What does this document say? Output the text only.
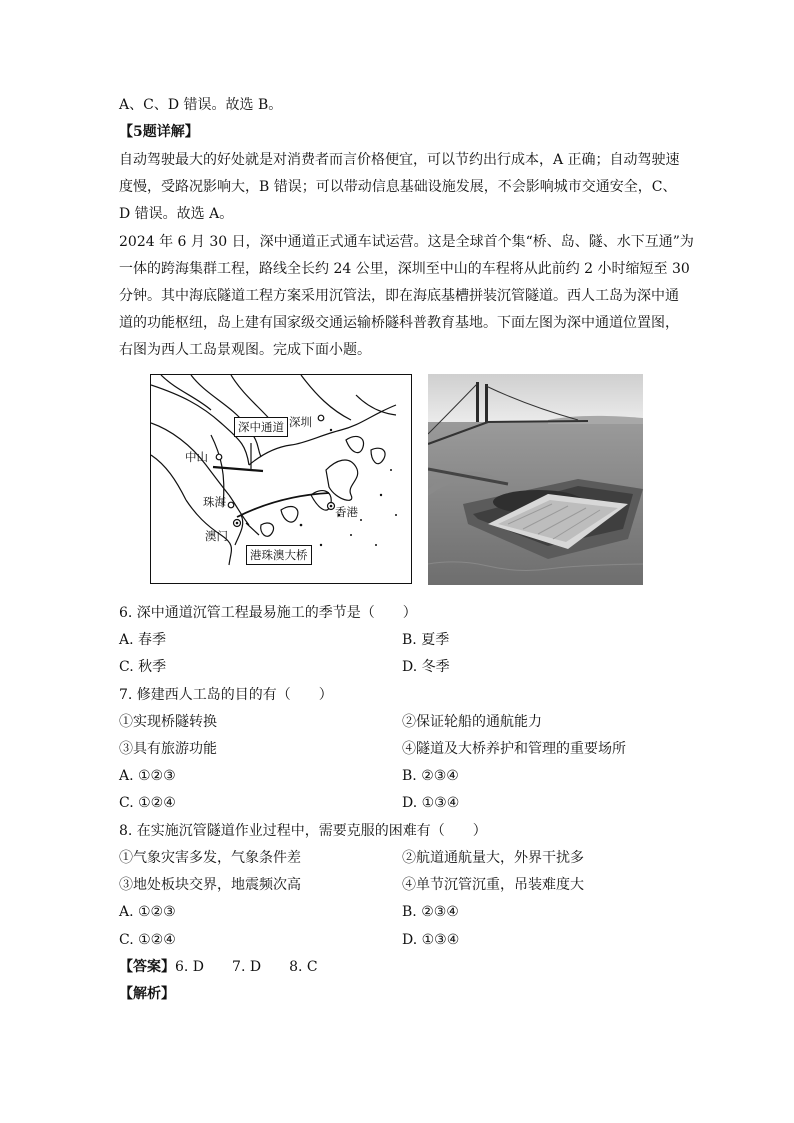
A、C、D 错误。故选 B。
【5题详解】
自动驾驶最大的好处就是对消费者而言价格便宜，可以节约出行成本，A 正确；自动驾驶速
度慢，受路况影响大，B 错误；可以带动信息基础设施发展，不会影响城市交通安全，C、
D 错误。故选 A。
2024 年 6 月 30 日，深中通道正式通车试运营。这是全球首个集“桥、岛、隧、水下互通”为
一体的跨海集群工程，路线全长约 24 公里，深圳至中山的车程将从此前约 2 小时缩短至 30
分钟。其中海底隧道工程方案采用沉管法，即在海底基槽拼装沉管隧道。西人工岛为深中通
道的功能枢纽，岛上建有国家级交通运输桥隧科普教育基地。下面左图为深中通道位置图，
右图为西人工岛景观图。完成下面小题。
深中通道 深圳
中山
珠海
澳门
香港
港珠澳大桥
6. 深中通道沉管工程最易施工的季节是（　　）
A. 春季	B. 夏季
C. 秋季	D. 冬季
7. 修建西人工岛的目的有（　　）
①实现桥隧转换	②保证轮船的通航能力
③具有旅游功能	④隧道及大桥养护和管理的重要场所
A. ①②③	B. ②③④
C. ①②④	D. ①③④
8. 在实施沉管隧道作业过程中，需要克服的困难有（　　）
①气象灾害多发，气象条件差	②航道通航量大，外界干扰多
③地处板块交界，地震频次高	④单节沉管沉重，吊装难度大
A. ①②③	B. ②③④
C. ①②④	D. ①③④
【答案】6. D　　7. D　　8. C
【解析】
